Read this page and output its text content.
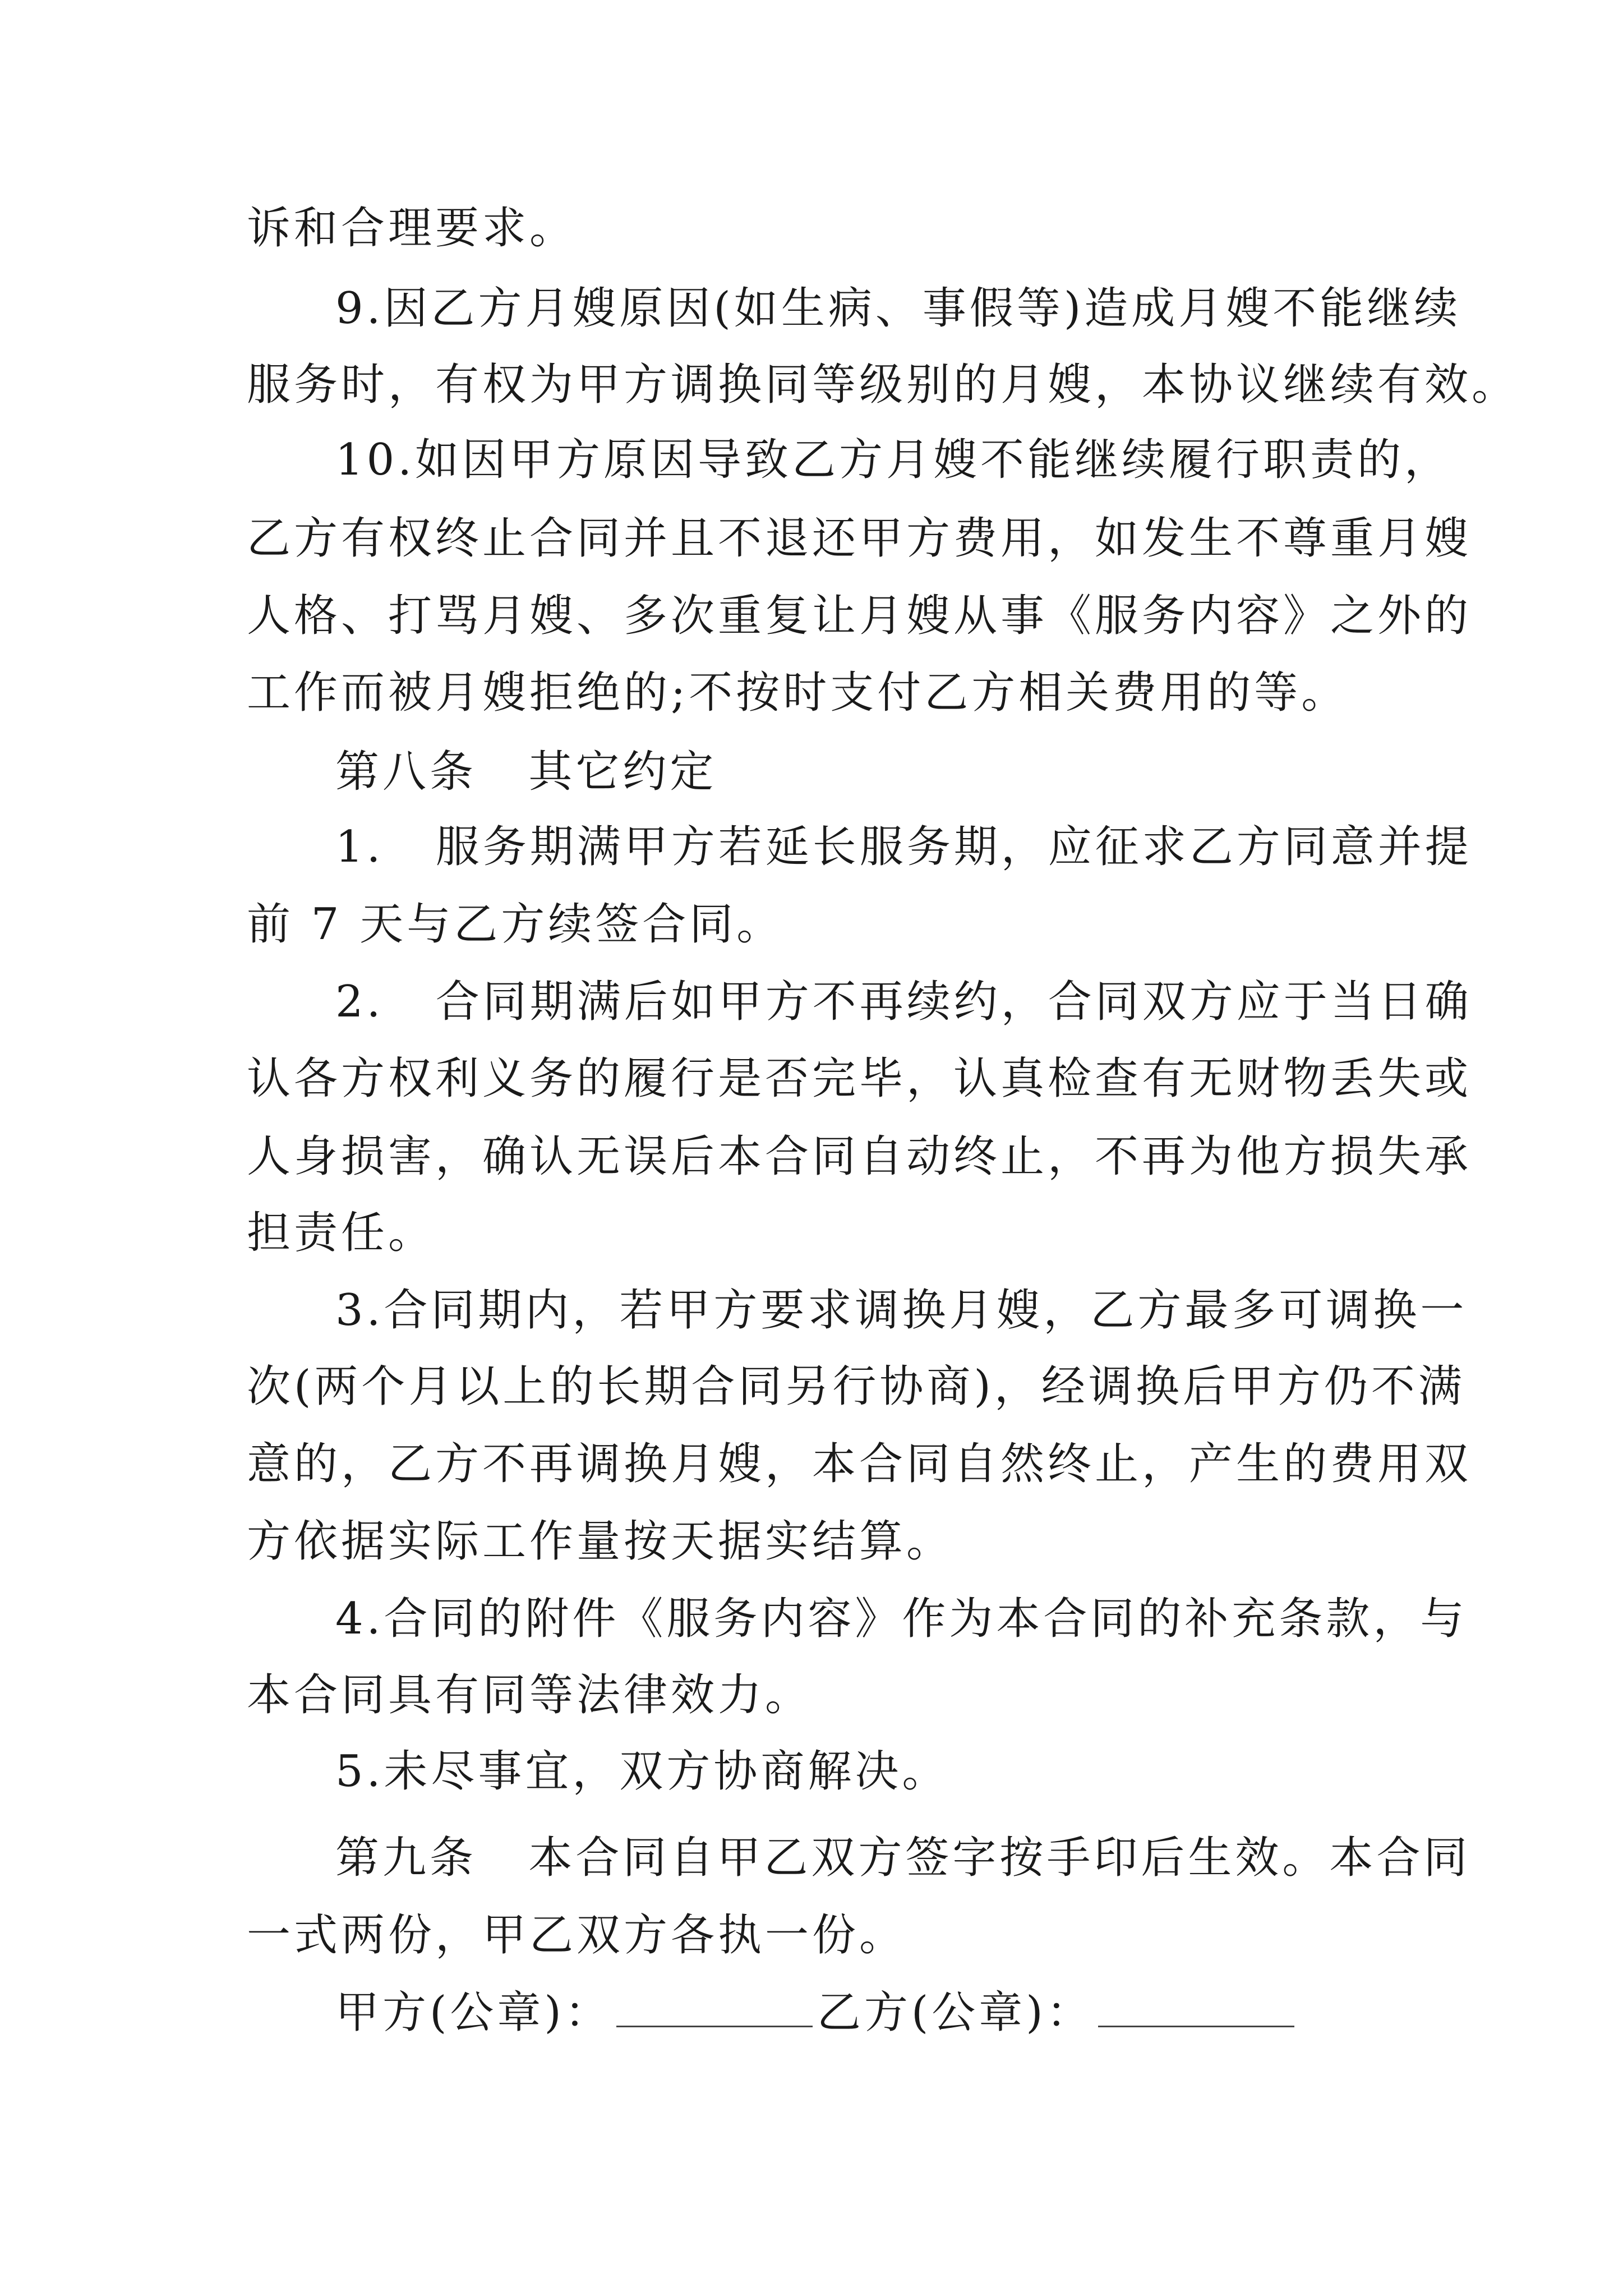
诉和合理要求。
9.因乙方月嫂原因(如生病、事假等)造成月嫂不能继续
服务时，有权为甲方调换同等级别的月嫂，本协议继续有效。
10.如因甲方原因导致乙方月嫂不能继续履行职责的，
乙方有权终止合同并且不退还甲方费用，如发生不尊重月嫂
人格、打骂月嫂、多次重复让月嫂从事《服务内容》之外的
工作而被月嫂拒绝的;不按时支付乙方相关费用的等。
第八条   其它约定
1.   服务期满甲方若延长服务期，应征求乙方同意并提
前 7 天与乙方续签合同。
2.   合同期满后如甲方不再续约，合同双方应于当日确
认各方权利义务的履行是否完毕，认真检查有无财物丢失或
人身损害，确认无误后本合同自动终止，不再为他方损失承
担责任。
3.合同期内，若甲方要求调换月嫂，乙方最多可调换一
次(两个月以上的长期合同另行协商)，经调换后甲方仍不满
意的，乙方不再调换月嫂，本合同自然终止，产生的费用双
方依据实际工作量按天据实结算。
4.合同的附件《服务内容》作为本合同的补充条款，与
本合同具有同等法律效力。
5.未尽事宜，双方协商解决。
第九条   本合同自甲乙双方签字按手印后生效。本合同
一式两份，甲乙双方各执一份。
甲方(公章)：	乙方(公章)：
